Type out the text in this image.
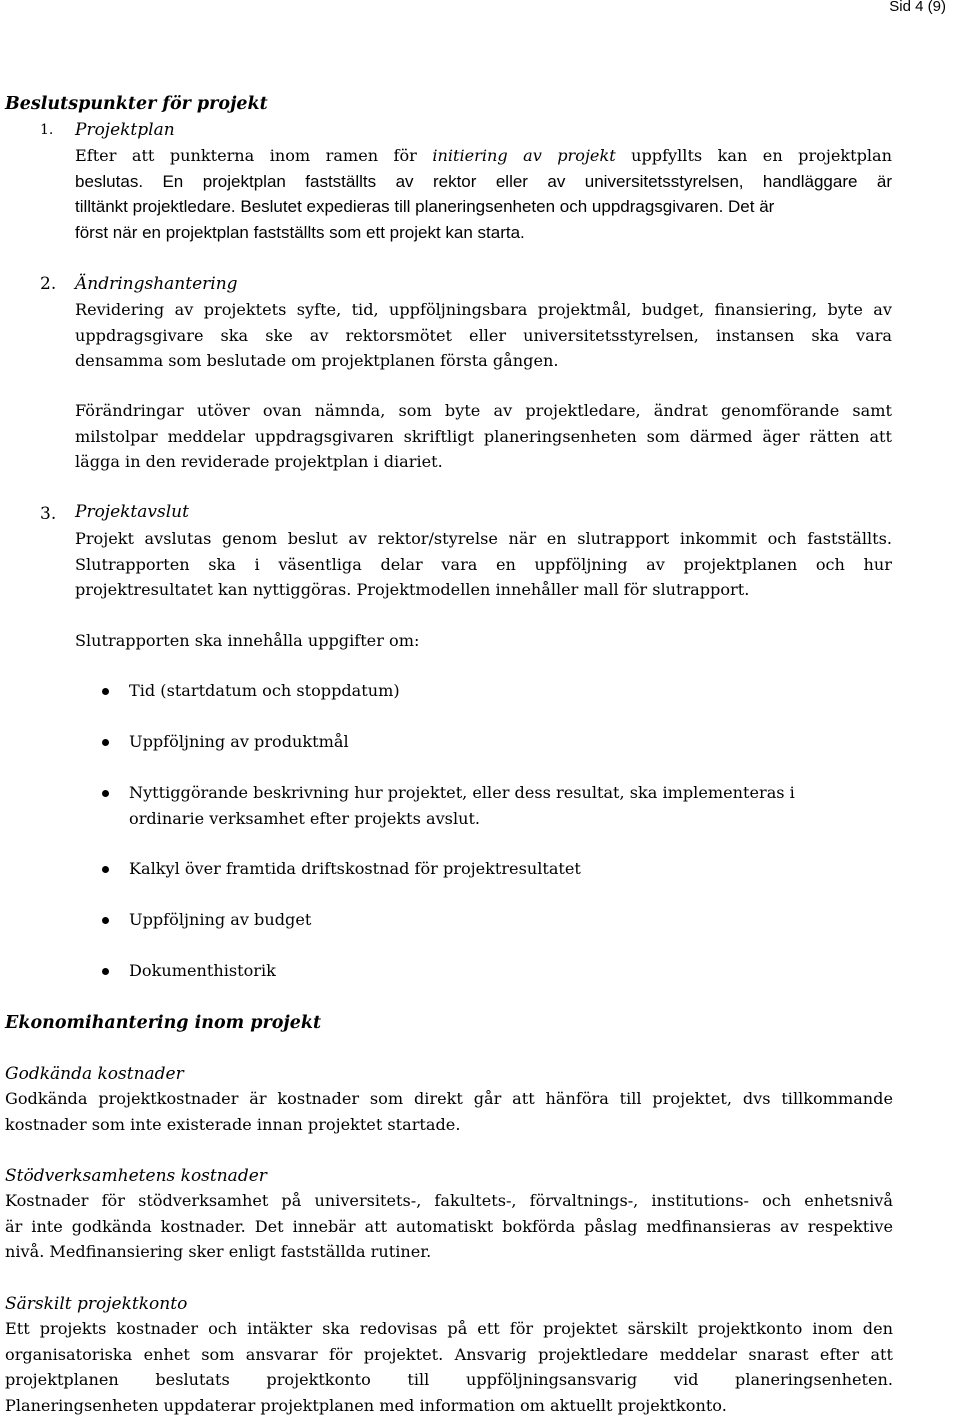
Sid 4 (9)
Beslutspunkter för projekt
1. Projektplan
Efter att punkterna inom ramen för initiering av projekt uppfyllts kan en projektplan
beslutas. En projektplan fastställts av rektor eller av universitetsstyrelsen, handläggare är
tilltänkt projektledare. Beslutet expedieras till planeringsenheten och uppdragsgivaren. Det är
först när en projektplan fastställts som ett projekt kan starta.
2. Ändringshantering
Revidering av projektets syfte, tid, uppföljningsbara projektmål, budget, finansiering, byte av
uppdragsgivare ska ske av rektorsmötet eller universitetsstyrelsen, instansen ska vara
densamma som beslutade om projektplanen första gången.
Förändringar utöver ovan nämnda, som byte av projektledare, ändrat genomförande samt
milstolpar meddelar uppdragsgivaren skriftligt planeringsenheten som därmed äger rätten att
lägga in den reviderade projektplan i diariet.
3. Projektavslut
Projekt avslutas genom beslut av rektor/styrelse när en slutrapport inkommit och fastställts.
Slutrapporten ska i väsentliga delar vara en uppföljning av projektplanen och hur
projektresultatet kan nyttiggöras. Projektmodellen innehåller mall för slutrapport.
Slutrapporten ska innehålla uppgifter om:
Tid (startdatum och stoppdatum)
Uppföljning av produktmål
Nyttiggörande beskrivning hur projektet, eller dess resultat, ska implementeras i
ordinarie verksamhet efter projekts avslut.
Kalkyl över framtida driftskostnad för projektresultatet
Uppföljning av budget
Dokumenthistorik
Ekonomihantering inom projekt
Godkända kostnader
Godkända projektkostnader är kostnader som direkt går att hänföra till projektet, dvs tillkommande
kostnader som inte existerade innan projektet startade.
Stödverksamhetens kostnader
Kostnader för stödverksamhet på universitets-, fakultets-, förvaltnings-, institutions- och enhetsnivå
är inte godkända kostnader. Det innebär att automatiskt bokförda påslag medfinansieras av respektive
nivå. Medfinansiering sker enligt fastställda rutiner.
Särskilt projektkonto
Ett projekts kostnader och intäkter ska redovisas på ett för projektet särskilt projektkonto inom den
organisatoriska enhet som ansvarar för projektet. Ansvarig projektledare meddelar snarast efter att
projektplanen beslutats projektkonto till uppföljningsansvarig vid planeringsenheten.
Planeringsenheten uppdaterar projektplanen med information om aktuellt projektkonto.
